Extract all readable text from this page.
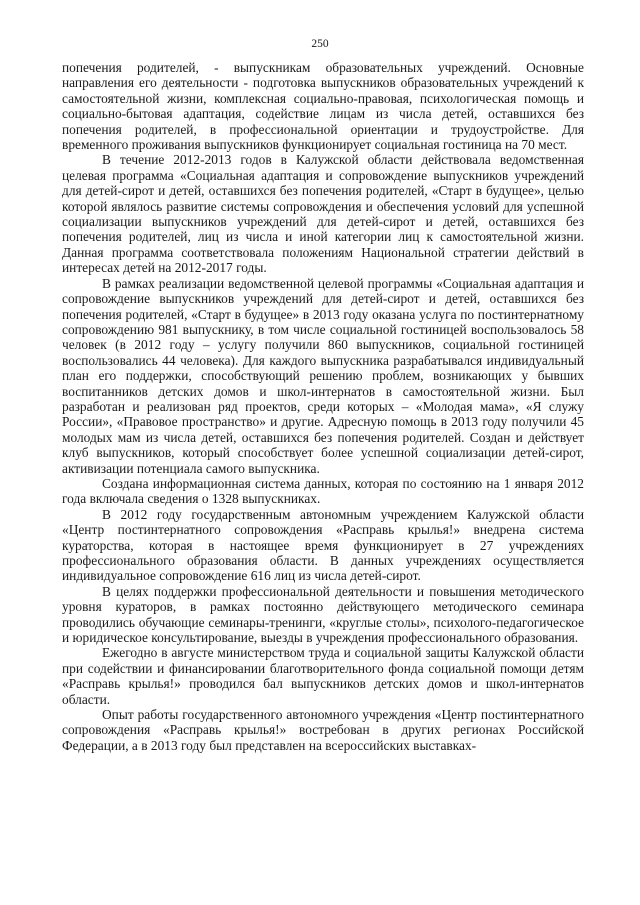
250

попечения родителей, - выпускникам образовательных учреждений. Основные направления его деятельности - подготовка выпускников образовательных учреждений к самостоятельной жизни, комплексная социально-правовая, психологическая помощь и социально-бытовая адаптация, содействие лицам из числа детей, оставшихся без попечения родителей, в профессиональной ориентации и трудоустройстве. Для временного проживания выпускников функционирует социальная гостиница на 70 мест.

В течение 2012-2013 годов в Калужской области действовала ведомственная целевая программа «Социальная адаптация и сопровождение выпускников учреждений для детей-сирот и детей, оставшихся без попечения родителей, «Старт в будущее», целью которой являлось развитие системы сопровождения и обеспечения условий для успешной социализации выпускников учреждений для детей-сирот и детей, оставшихся без попечения родителей, лиц из числа и иной категории лиц к самостоятельной жизни. Данная программа соответствовала положениям Национальной стратегии действий в интересах детей на 2012-2017 годы.

В рамках реализации ведомственной целевой программы «Социальная адаптация и сопровождение выпускников учреждений для детей-сирот и детей, оставшихся без попечения родителей, «Старт в будущее» в 2013 году оказана услуга по постинтернатному сопровождению 981 выпускнику, в том числе социальной гостиницей воспользовалось 58 человек (в 2012 году – услугу получили 860 выпускников, социальной гостиницей воспользовались 44 человека). Для каждого выпускника разрабатывался индивидуальный план его поддержки, способствующий решению проблем, возникающих у бывших воспитанников детских домов и школ-интернатов в самостоятельной жизни. Был разработан и реализован ряд проектов, среди которых – «Молодая мама», «Я служу России», «Правовое пространство» и другие. Адресную помощь в 2013 году получили 45 молодых мам из числа детей, оставшихся без попечения родителей. Создан и действует клуб выпускников, который способствует более успешной социализации детей-сирот, активизации потенциала самого выпускника.

Создана информационная система данных, которая по состоянию на 1 января 2012 года включала сведения о 1328 выпускниках.

В 2012 году государственным автономным учреждением Калужской области «Центр постинтернатного сопровождения «Расправь крылья!» внедрена система кураторства, которая в настоящее время функционирует в 27 учреждениях профессионального образования области. В данных учреждениях осуществляется индивидуальное сопровождение 616 лиц из числа детей-сирот.

В целях поддержки профессиональной деятельности и повышения методического уровня кураторов, в рамках постоянно действующего методического семинара проводились обучающие семинары-тренинги, «круглые столы», психолого-педагогическое и юридическое консультирование, выезды в учреждения профессионального образования.

Ежегодно в августе министерством труда и социальной защиты Калужской области при содействии и финансировании благотворительного фонда социальной помощи детям «Расправь крылья!» проводился бал выпускников детских домов и школ-интернатов области.

Опыт работы государственного автономного учреждения «Центр постинтернатного сопровождения «Расправь крылья!» востребован в других регионах Российской Федерации, а в 2013 году был представлен на всероссийских выставках-
